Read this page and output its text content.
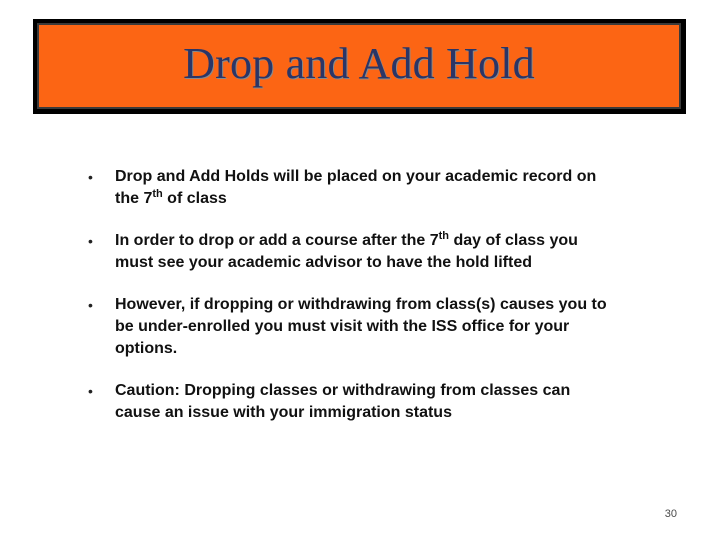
Drop and Add Hold
• Drop and Add Holds will be placed on your academic record on the 7th of class
• In order to drop or add a course after the 7th day of class you must see your academic advisor to have the hold lifted
• However, if dropping or withdrawing from class(s) causes you to be under-enrolled you must visit with the ISS office for your options.
• Caution: Dropping classes or withdrawing from classes can cause an issue with your immigration status
30
